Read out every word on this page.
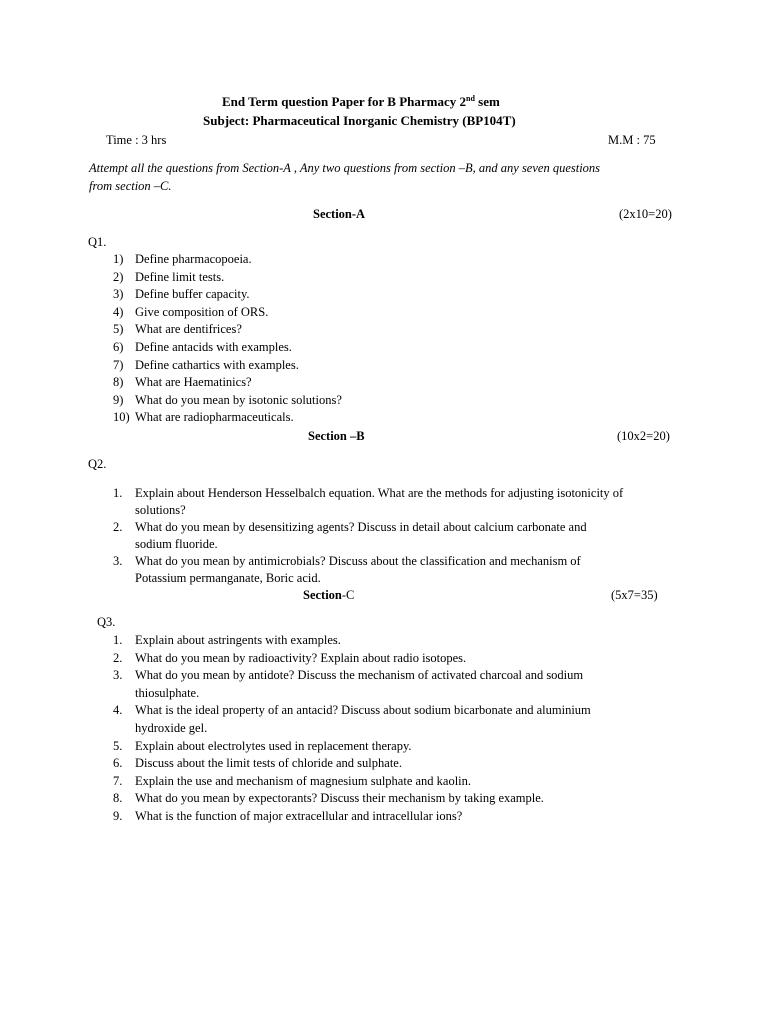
End Term question Paper for B Pharmacy 2nd sem
Subject: Pharmaceutical Inorganic Chemistry (BP104T)
Time : 3 hrs	M.M : 75
Attempt all the questions from Section-A , Any two questions from section –B, and any seven questions
from section –C.
Section-A	(2x10=20)
Q1.
1) Define pharmacopoeia.
2) Define limit tests.
3) Define buffer capacity.
4) Give composition of ORS.
5) What are dentifrices?
6) Define antacids with examples.
7) Define cathartics with examples.
8) What are Haematinics?
9) What do you mean by isotonic solutions?
10) What are radiopharmaceuticals.
Section –B	(10x2=20)
Q2.
1. Explain about Henderson Hesselbalch equation. What are the methods for adjusting isotonicity of
solutions?
2. What do you mean by desensitizing agents? Discuss in detail about calcium carbonate and
sodium fluoride.
3. What do you mean by antimicrobials? Discuss about the classification and mechanism of
Potassium permanganate, Boric acid.
Section-C	(5x7=35)
Q3.
1. Explain about astringents with examples.
2. What do you mean by radioactivity? Explain about radio isotopes.
3. What do you mean by antidote? Discuss the mechanism of activated charcoal and sodium
thiosulphate.
4. What is the ideal property of an antacid? Discuss about sodium bicarbonate and aluminium
hydroxide gel.
5. Explain about electrolytes used in replacement therapy.
6. Discuss about the limit tests of chloride and sulphate.
7. Explain the use and mechanism of magnesium sulphate and kaolin.
8. What do you mean by expectorants? Discuss their mechanism by taking example.
9. What is the function of major extracellular and intracellular ions?
